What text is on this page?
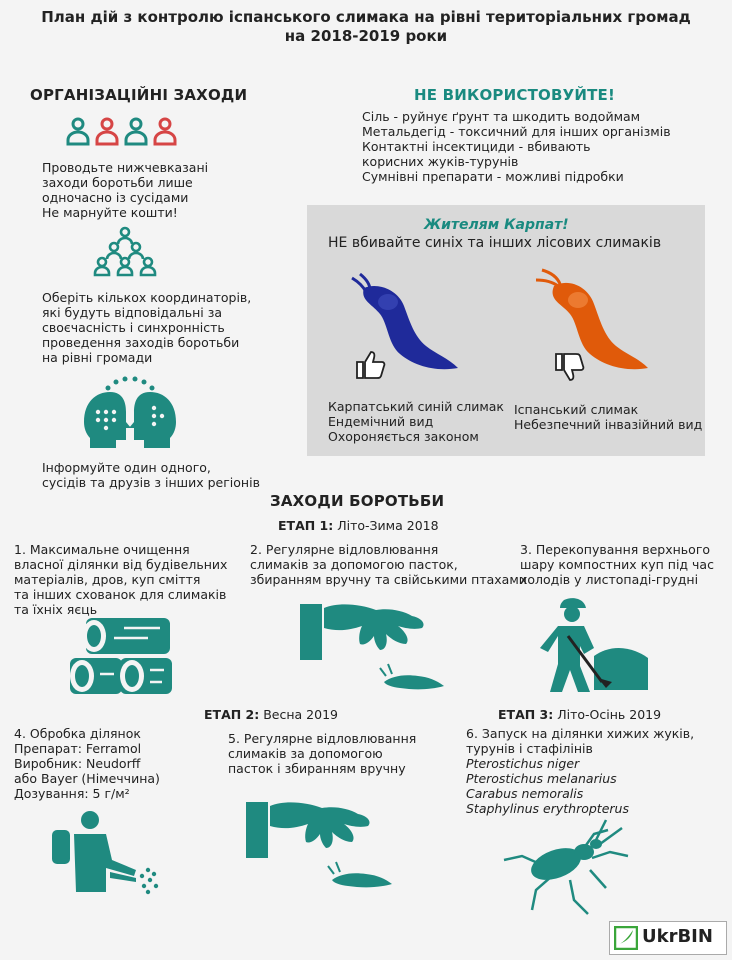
План дій з контролю іспанського слимака на рівні територіальних громад
на 2018-2019 роки
ОРГАНІЗАЦІЙНІ ЗАХОДИ
Проводьте нижчевказані
заходи боротьби лише
одночасно із сусідами
Не марнуйте кошти!
Оберіть кількох координаторів,
які будуть відповідальні за
своєчасність і синхронність
проведення заходів боротьби
на рівні громади
Інформуйте один одного,
сусідів та друзів з інших регіонів
НЕ ВИКОРИСТОВУЙТЕ!
Сіль - руйнує ґрунт та шкодить водоймам
Метальдегід - токсичний для інших організмів
Контактні інсектициди - вбивають
корисних жуків-турунів
Сумнівні препарати - можливі підробки
Жителям Карпат!
НЕ вбивайте синіх та інших лісових слимаків
Карпатський синій слимак
Ендемічний вид
Охороняється законом
Іспанський слимак
Небезпечний інвазійний вид
ЗАХОДИ БОРОТЬБИ
ЕТАП 1: Літо-Зима 2018
1. Максимальне очищення
власної ділянки від будівельних
матеріалів, дров, куп сміття
та інших схованок для слимаків
та їхніх яєць
2. Регулярне відловлювання
слимаків за допомогою пасток,
збиранням вручну та свійськими птахами
3. Перекопування верхнього
шару компостних куп під час
холодів у листопаді-грудні
ЕТАП 2: Весна 2019	ЕТАП 3: Літо-Осінь 2019
4. Обробка ділянок
Препарат: Ferramol
Виробник: Neudorff
або Bayer (Німеччина)
Дозування: 5 г/м²
5. Регулярне відловлювання
слимаків за допомогою
пасток і збиранням вручну
6. Запуск на ділянки хижих жуків,
турунів і стафілінів
Pterostichus niger
Pterostichus melanarius
Carabus nemoralis
Staphylinus erythropterus
UkrBIN
